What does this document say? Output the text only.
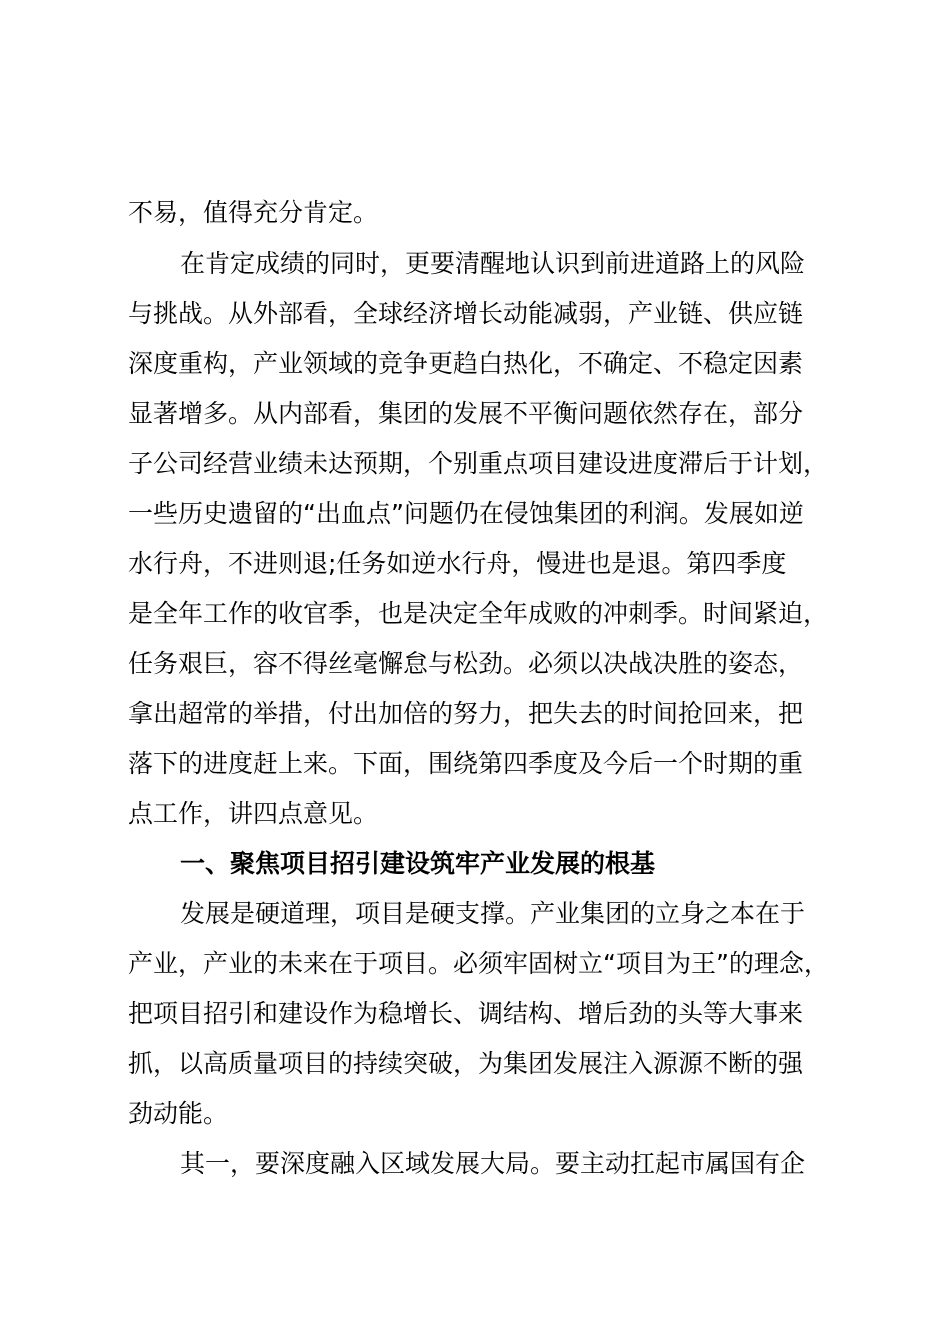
不易，值得充分肯定。
在肯定成绩的同时，更要清醒地认识到前进道路上的风险
与挑战。从外部看，全球经济增长动能减弱，产业链、供应链
深度重构，产业领域的竞争更趋白热化，不确定、不稳定因素
显著增多。从内部看，集团的发展不平衡问题依然存在，部分
子公司经营业绩未达预期，个别重点项目建设进度滞后于计划，
一些历史遗留的“出血点”问题仍在侵蚀集团的利润。发展如逆
水行舟，不进则退;任务如逆水行舟，慢进也是退。第四季度
是全年工作的收官季，也是决定全年成败的冲刺季。时间紧迫，
任务艰巨，容不得丝毫懈怠与松劲。必须以决战决胜的姿态，
拿出超常的举措，付出加倍的努力，把失去的时间抢回来，把
落下的进度赶上来。下面，围绕第四季度及今后一个时期的重
点工作，讲四点意见。
一、聚焦项目招引建设筑牢产业发展的根基
发展是硬道理，项目是硬支撑。产业集团的立身之本在于
产业，产业的未来在于项目。必须牢固树立“项目为王”的理念，
把项目招引和建设作为稳增长、调结构、增后劲的头等大事来
抓，以高质量项目的持续突破，为集团发展注入源源不断的强
劲动能。
其一，要深度融入区域发展大局。要主动扛起市属国有企
